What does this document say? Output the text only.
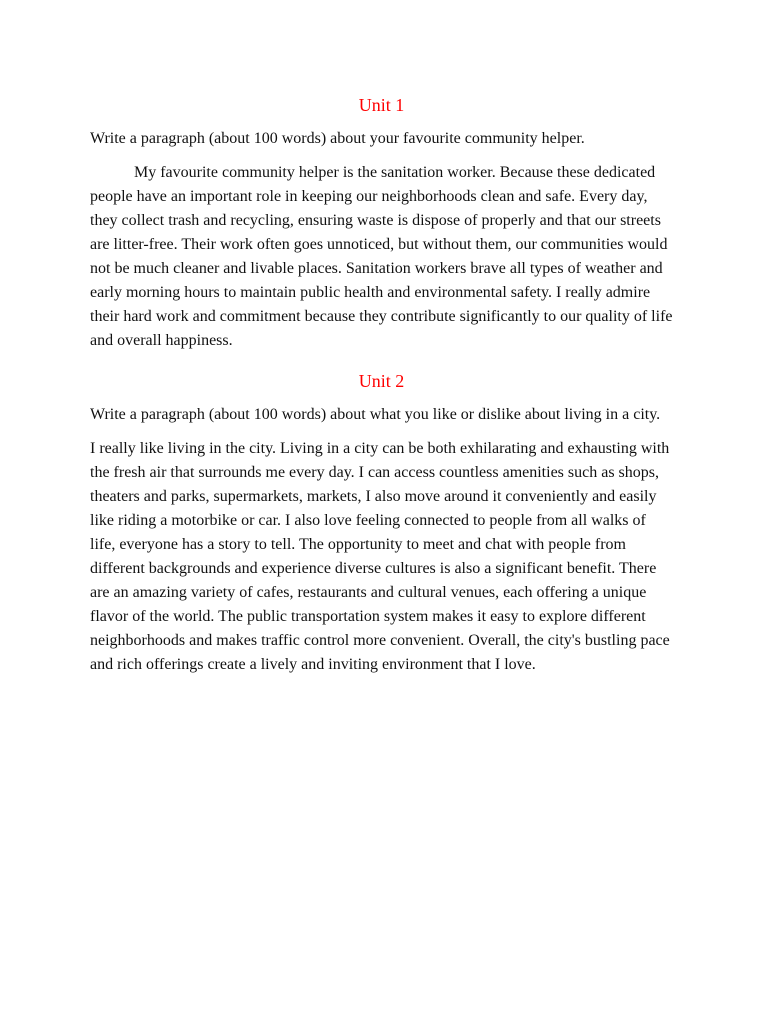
Unit 1

Write a paragraph (about 100 words) about your favourite community helper.

My favourite community helper is the sanitation worker. Because these dedicated people have an important role in keeping our neighborhoods clean and safe. Every day, they collect trash and recycling, ensuring waste is dispose of properly and that our streets are litter-free. Their work often goes unnoticed, but without them, our communities would not be much cleaner and livable places. Sanitation workers brave all types of weather and early morning hours to maintain public health and environmental safety. I really admire their hard work and commitment because they contribute significantly to our quality of life and overall happiness.

Unit 2

Write a paragraph (about 100 words) about what you like or dislike about living in a city.

I really like living in the city. Living in a city can be both exhilarating and exhausting with the fresh air that surrounds me every day. I can access countless amenities such as shops, theaters and parks, supermarkets, markets, I also move around it conveniently and easily like riding a motorbike or car. I also love feeling connected to people from all walks of life, everyone has a story to tell. The opportunity to meet and chat with people from different backgrounds and experience diverse cultures is also a significant benefit. There are an amazing variety of cafes, restaurants and cultural venues, each offering a unique flavor of the world. The public transportation system makes it easy to explore different neighborhoods and makes traffic control more convenient. Overall, the city's bustling pace and rich offerings create a lively and inviting environment that I love.
